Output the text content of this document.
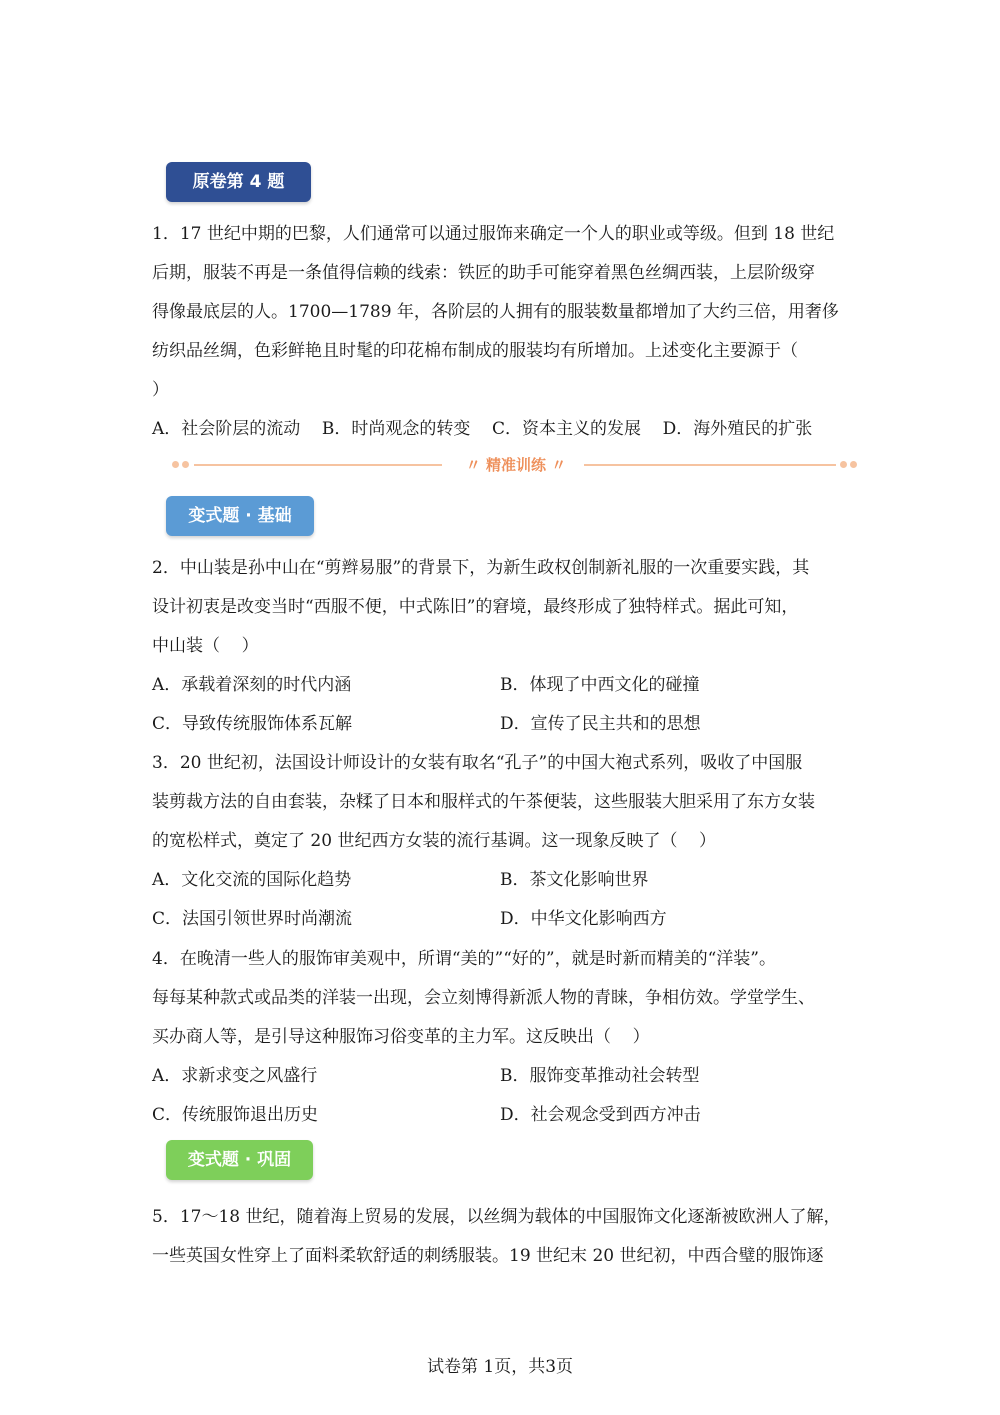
原卷第 4 题
1．17 世纪中期的巴黎，人们通常可以通过服饰来确定一个人的职业或等级。但到 18 世纪
后期，服装不再是一条值得信赖的线索：铁匠的助手可能穿着黑色丝绸西装，上层阶级穿
得像最底层的人。1700—1789 年，各阶层的人拥有的服装数量都增加了大约三倍，用奢侈
纺织品丝绸，色彩鲜艳且时髦的印花棉布制成的服装均有所增加。上述变化主要源于（
）
A．社会阶层的流动    B．时尚观念的转变    C．资本主义的发展    D．海外殖民的扩张
〃 精准训练 〃
变式题 · 基础
2．中山装是孙中山在“剪辫易服”的背景下，为新生政权创制新礼服的一次重要实践，其
设计初衷是改变当时“西服不便，中式陈旧”的窘境，最终形成了独特样式。据此可知，
中山装（    ）
A．承载着深刻的时代内涵	B．体现了中西文化的碰撞
C．导致传统服饰体系瓦解	D．宣传了民主共和的思想
3．20 世纪初，法国设计师设计的女装有取名“孔子”的中国大袍式系列，吸收了中国服
装剪裁方法的自由套装，杂糅了日本和服样式的午茶便装，这些服装大胆采用了东方女装
的宽松样式，奠定了 20 世纪西方女装的流行基调。这一现象反映了（    ）
A．文化交流的国际化趋势	B．茶文化影响世界
C．法国引领世界时尚潮流	D．中华文化影响西方
4．在晚清一些人的服饰审美观中，所谓“美的”“好的”，就是时新而精美的“洋装”。
每每某种款式或品类的洋装一出现，会立刻博得新派人物的青睐，争相仿效。学堂学生、
买办商人等，是引导这种服饰习俗变革的主力军。这反映出（    ）
A．求新求变之风盛行	B．服饰变革推动社会转型
C．传统服饰退出历史	D．社会观念受到西方冲击
变式题 · 巩固
5．17～18 世纪，随着海上贸易的发展，以丝绸为载体的中国服饰文化逐渐被欧洲人了解，
一些英国女性穿上了面料柔软舒适的刺绣服装。19 世纪末 20 世纪初，中西合璧的服饰逐
试卷第 1页，共3页
